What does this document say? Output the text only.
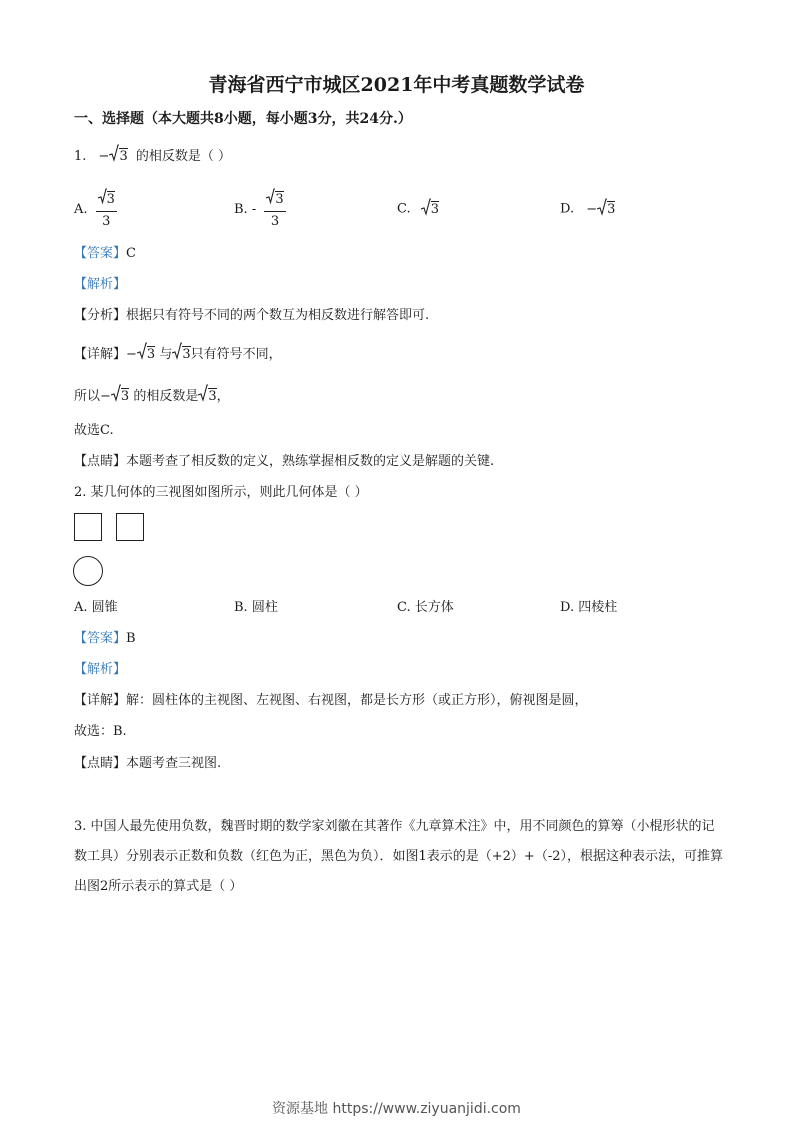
青海省西宁市城区2021年中考真题数学试卷
一、选择题（本大题共8小题，每小题3分，共24分.）
1. − 3 的相反数是（ ）
A. $\frac{3}{3}$	B. - $\frac{3}{3}$	C. 3	D. − 3
【答案】C
【解析】
【分析】根据只有符号不同的两个数互为相反数进行解答即可.
【详解】− 3 与 3只有符号不同，
所以− 3 的相反数是 3，
故选C.
【点睛】本题考查了相反数的定义，熟练掌握相反数的定义是解题的关键.
2. 某几何体的三视图如图所示，则此几何体是（ ）
A. 圆锥	B. 圆柱	C. 长方体	D. 四棱柱
【答案】B
【解析】
【详解】解：圆柱体的主视图、左视图、右视图，都是长方形（或正方形），俯视图是圆，
故选：B.
【点睛】本题考查三视图.
3. 中国人最先使用负数，魏晋时期的数学家刘徽在其著作《九章算术注》中，用不同颜色的算筹（小棍形状的记数工具）分别表示正数和负数（红色为正，黑色为负）．如图1表示的是（+2）+（-2），根据这种表示法，可推算出图2所示表示的算式是（ ）
资源基地 https://www.ziyuanjidi.com
